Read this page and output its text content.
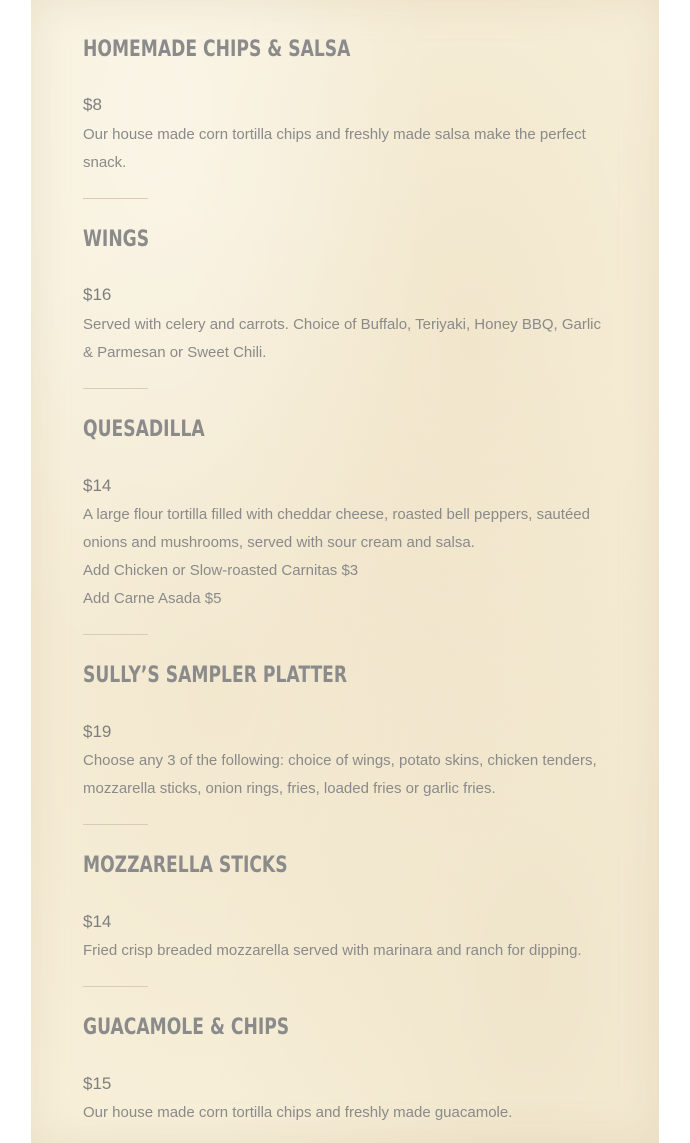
HOMEMADE CHIPS & SALSA
$8

Our house made corn tortilla chips and freshly made salsa make the perfect snack.

WINGS
$16

Served with celery and carrots. Choice of Buffalo, Teriyaki, Honey BBQ, Garlic & Parmesan or Sweet Chili.

QUESADILLA
$14

A large flour tortilla filled with cheddar cheese, roasted bell peppers, sautéed onions and mushrooms, served with sour cream and salsa.

Add Chicken or Slow-roasted Carnitas $3

Add Carne Asada $5

SULLY’S SAMPLER PLATTER
$19

Choose any 3 of the following: choice of wings, potato skins, chicken tenders, mozzarella sticks, onion rings, fries, loaded fries or garlic fries.

MOZZARELLA STICKS
$14

Fried crisp breaded mozzarella served with marinara and ranch for dipping.

GUACAMOLE & CHIPS
$15

Our house made corn tortilla chips and freshly made guacamole.
